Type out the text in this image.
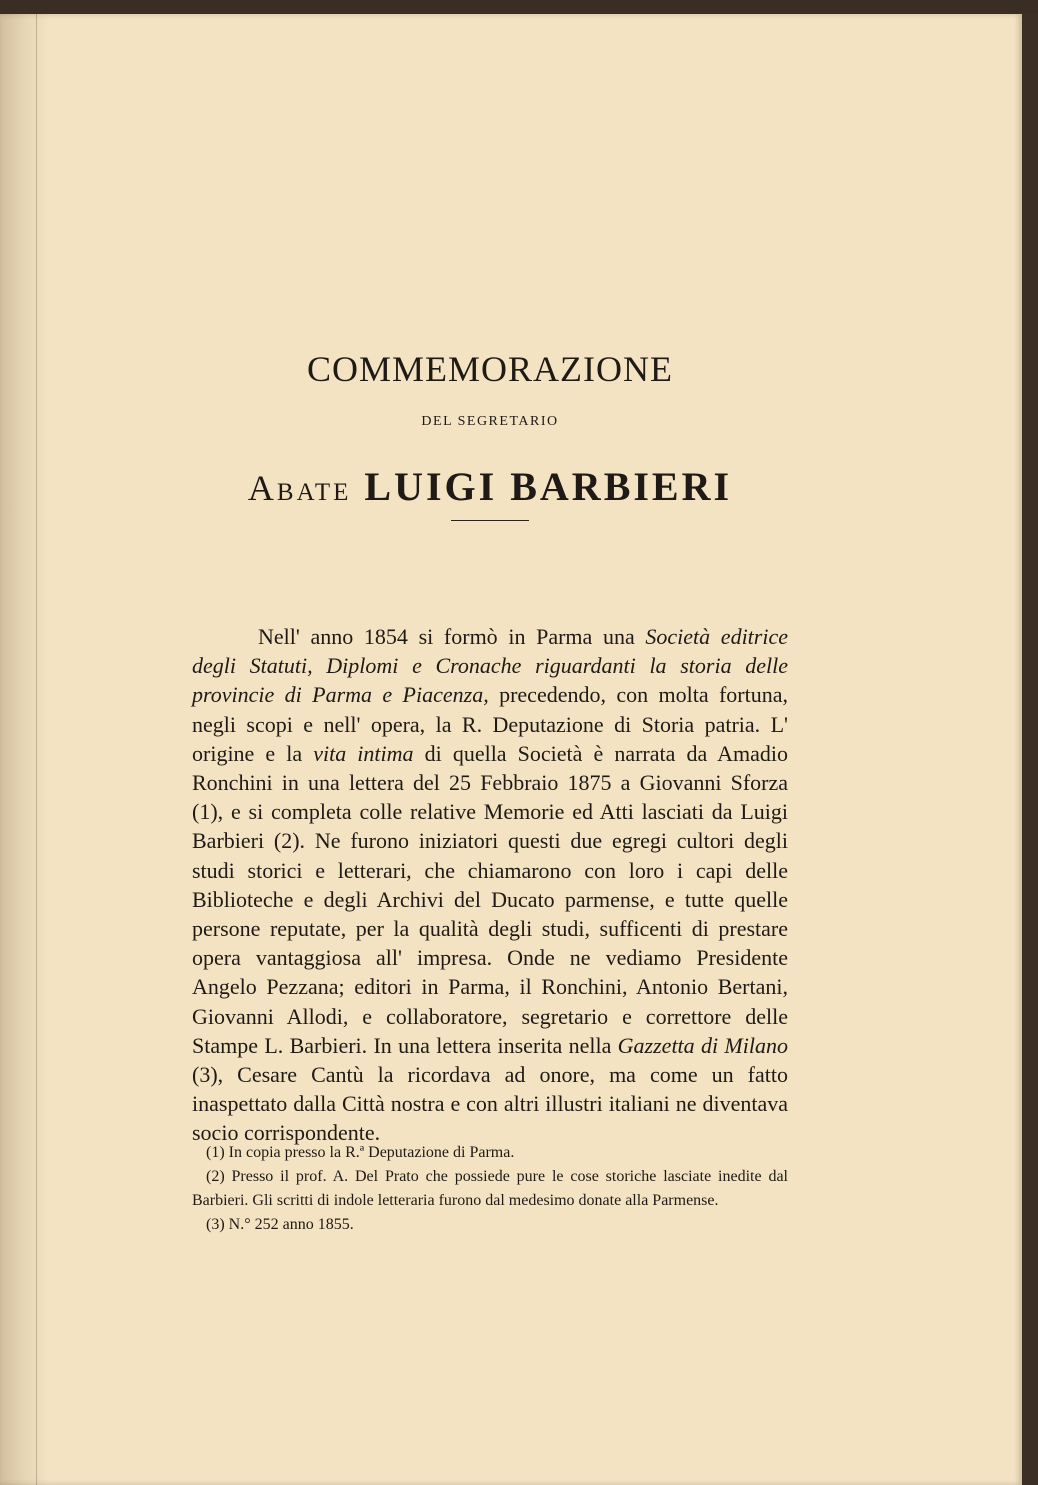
COMMEMORAZIONE
DEL SEGRETARIO
Abate LUIGI BARBIERI

Nell' anno 1854 si formò in Parma una Società editrice degli Statuti, Diplomi e Cronache riguardanti la storia delle provincie di Parma e Piacenza, precedendo, con molta fortuna, negli scopi e nell' opera, la R. Deputazione di Storia patria. L' origine e la vita intima di quella Società è narrata da Amadio Ronchini in una lettera del 25 Febbraio 1875 a Giovanni Sforza (1), e si completa colle relative Memorie ed Atti lasciati da Luigi Barbieri (2). Ne furono iniziatori questi due egregi cultori degli studi storici e letterari, che chiamarono con loro i capi delle Biblioteche e degli Archivi del Ducato parmense, e tutte quelle persone reputate, per la qualità degli studi, sufficenti di prestare opera vantaggiosa all' impresa. Onde ne vediamo Presidente Angelo Pezzana; editori in Parma, il Ronchini, Antonio Bertani, Giovanni Allodi, e collaboratore, segretario e correttore delle Stampe L. Barbieri. In una lettera inserita nella Gazzetta di Milano (3), Cesare Cantù la ricordava ad onore, ma come un fatto inaspettato dalla Città nostra e con altri illustri italiani ne diventava socio corrispondente.

(1) In copia presso la R.ª Deputazione di Parma.

(2) Presso il prof. A. Del Prato che possiede pure le cose storiche lasciate inedite dal Barbieri. Gli scritti di indole letteraria furono dal medesimo donate alla Parmense.

(3) N.° 252 anno 1855.
